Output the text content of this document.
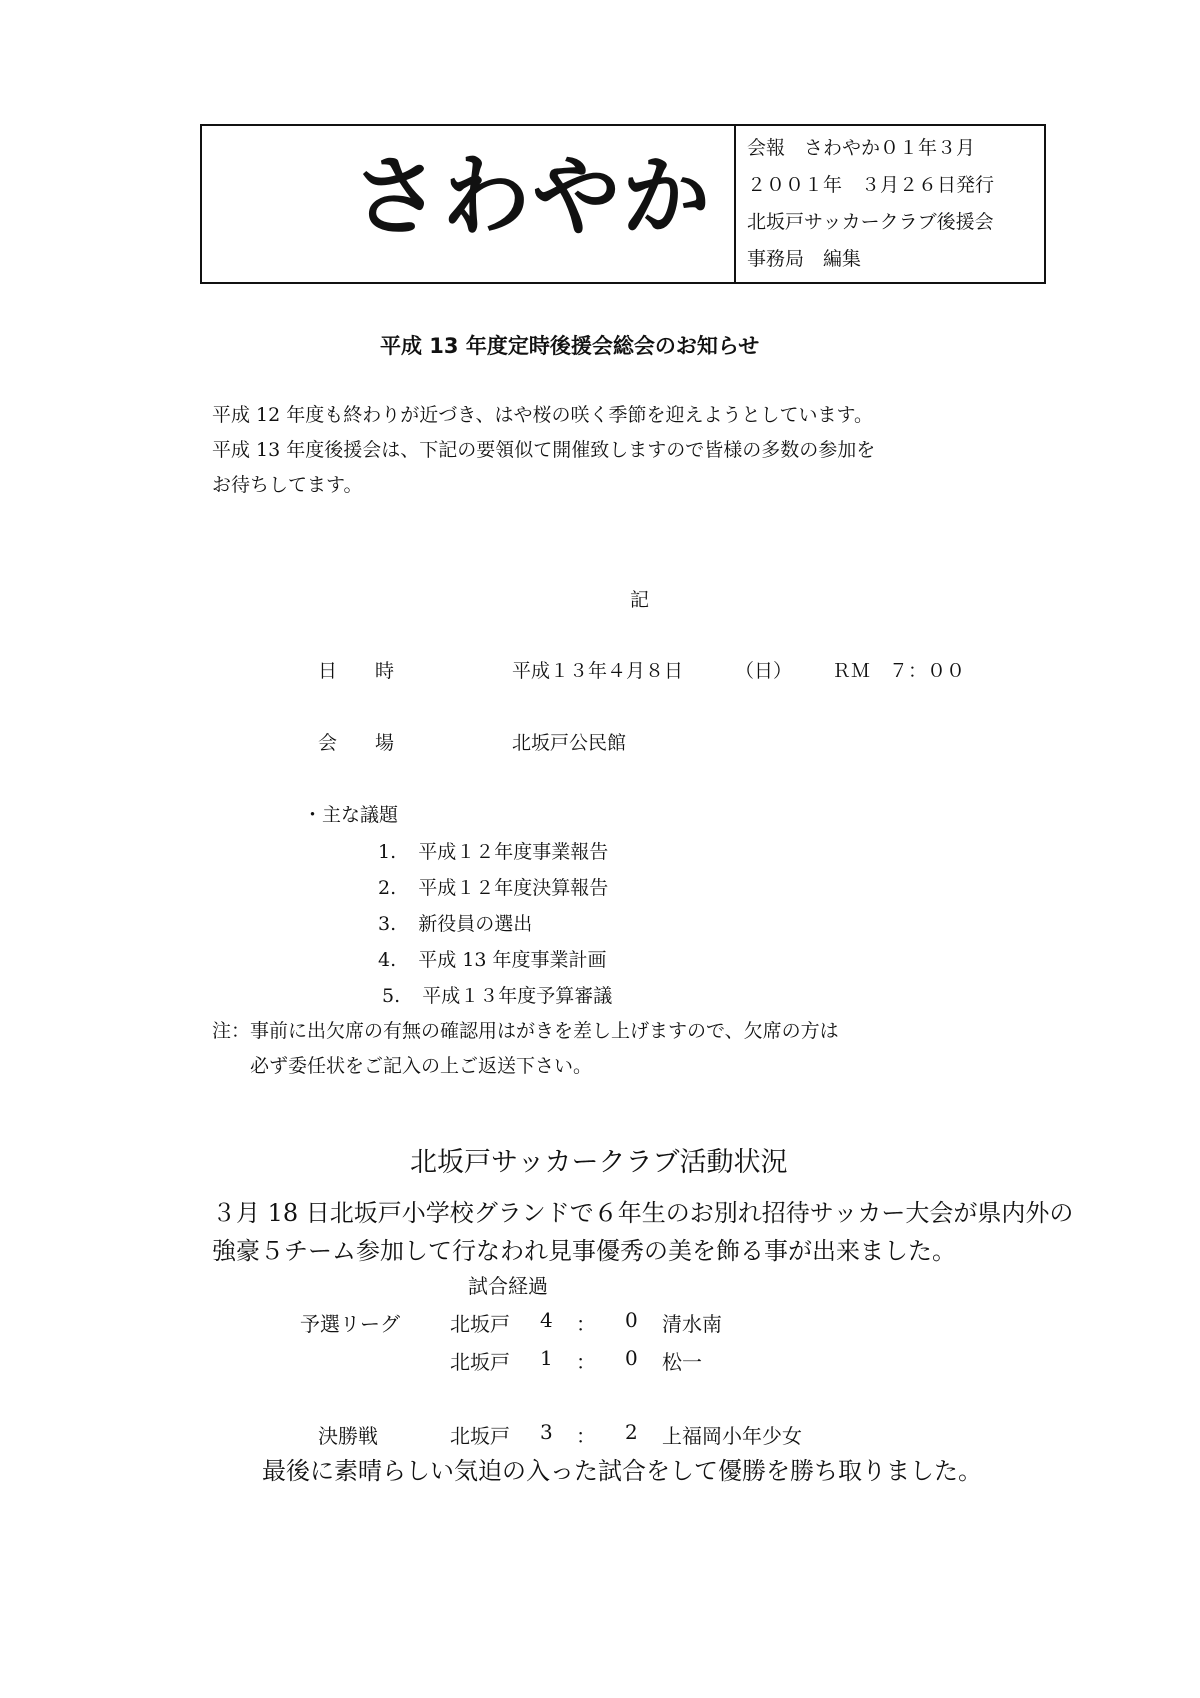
さわやか 会報　さわやか０１年３月
２００１年　３月２６日発行
北坂戸サッカークラブ後援会
事務局　編集
平成 13 年度定時後援会総会のお知らせ
平成 12 年度も終わりが近づき、はや桜の咲く季節を迎えようとしています。
平成 13 年度後援会は、下記の要領似て開催致しますので皆様の多数の参加を
お待ちしてます。
記
日　　時	平成１３年４月８日	（日） ＲＭ　７：００
会　　場	北坂戸公民館
・主な議題
1. 平成１２年度事業報告
2. 平成１２年度決算報告
3. 新役員の選出
4. 平成 13 年度事業計画
5. 平成１３年度予算審議
注：事前に出欠席の有無の確認用はがきを差し上げますので、欠席の方は
必ず委任状をご記入の上ご返送下さい。
北坂戸サッカークラブ活動状況
３月 18 日北坂戸小学校グランドで６年生のお別れ招待サッカー大会が県内外の
強豪５チーム参加して行なわれ見事優秀の美を飾る事が出来ました。
試合経過
予選リーグ	北坂戸 4 ： 0 清水南
北坂戸 1 ： 0 松一
決勝戦	北坂戸 3 ： 2 上福岡小年少女
最後に素晴らしい気迫の入った試合をして優勝を勝ち取りました。
